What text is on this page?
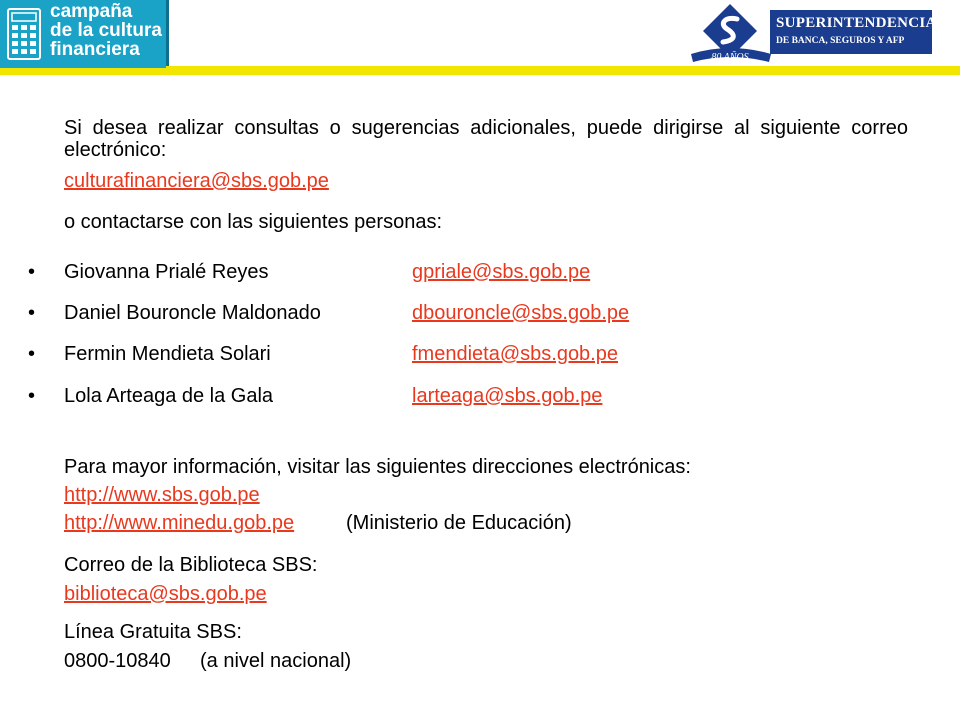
campaña
de la cultura
financiera	80 AÑOS
SUPERINTENDENCIA
DE BANCA, SEGUROS Y AFP
Si desea realizar consultas o sugerencias adicionales, puede dirigirse al siguiente correo electrónico:
culturafinanciera@sbs.gob.pe
o contactarse con las siguientes personas:
• Giovanna Prialé Reyes	gpriale@sbs.gob.pe
• Daniel Bouroncle Maldonado	dbouroncle@sbs.gob.pe
• Fermin Mendieta Solari	fmendieta@sbs.gob.pe
• Lola Arteaga de la Gala	larteaga@sbs.gob.pe
Para mayor información, visitar las siguientes direcciones electrónicas:
http://www.sbs.gob.pe
http://www.minedu.gob.pe	(Ministerio de Educación)
Correo de la Biblioteca SBS:
biblioteca@sbs.gob.pe
Línea Gratuita SBS:
0800-10840 (a nivel nacional)
